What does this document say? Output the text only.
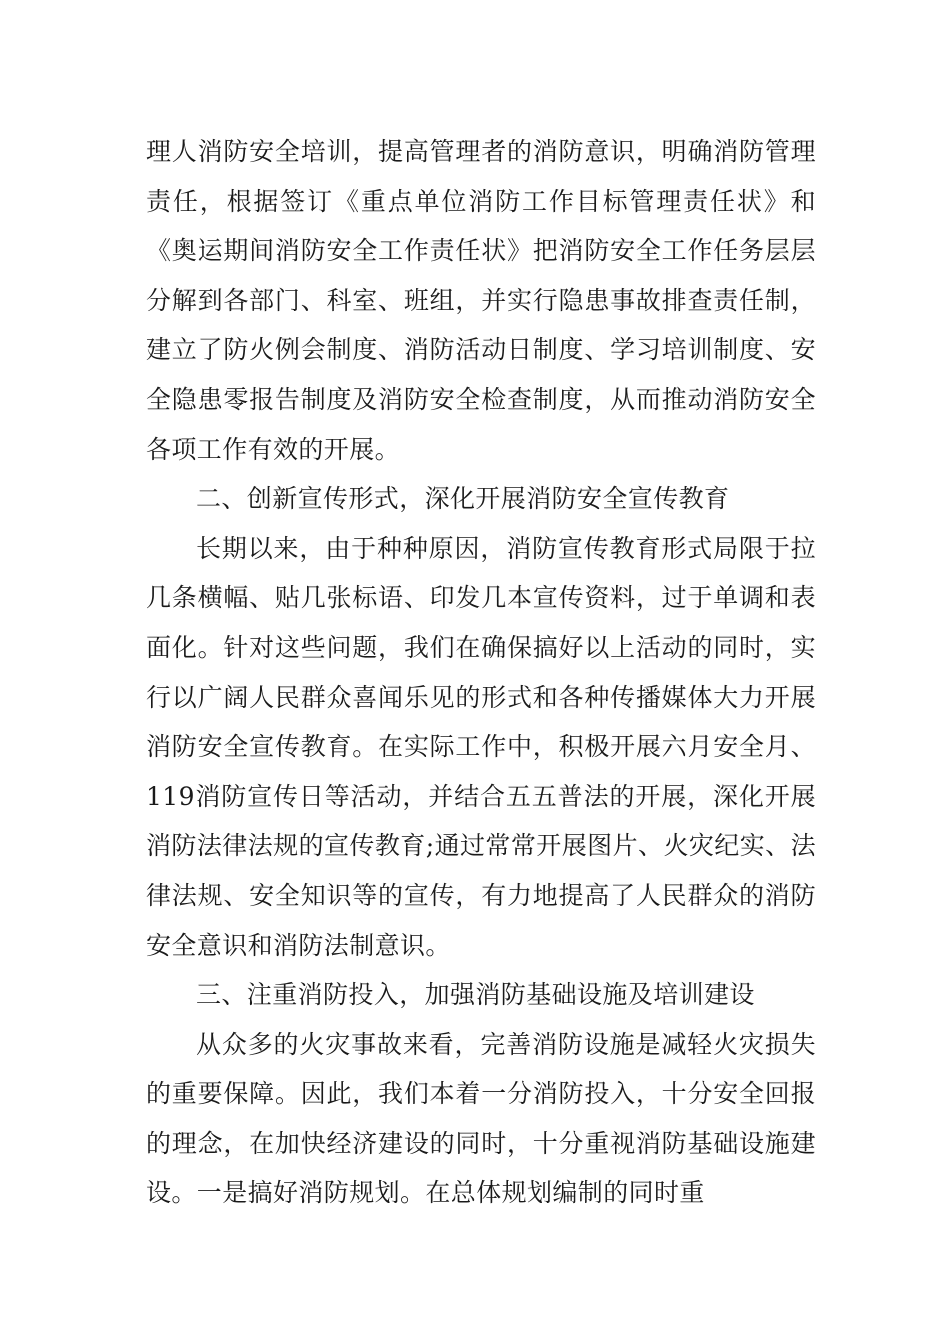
理人消防安全培训，提高管理者的消防意识，明确消防管理责任，根据签订《重点单位消防工作目标管理责任状》和《奥运期间消防安全工作责任状》把消防安全工作任务层层分解到各部门、科室、班组，并实行隐患事故排查责任制，建立了防火例会制度、消防活动日制度、学习培训制度、安全隐患零报告制度及消防安全检查制度，从而推动消防安全各项工作有效的开展。

二、创新宣传形式，深化开展消防安全宣传教育

长期以来，由于种种原因，消防宣传教育形式局限于拉几条横幅、贴几张标语、印发几本宣传资料，过于单调和表面化。针对这些问题，我们在确保搞好以上活动的同时，实行以广阔人民群众喜闻乐见的形式和各种传播媒体大力开展消防安全宣传教育。在实际工作中，积极开展六月安全月、119消防宣传日等活动，并结合五五普法的开展，深化开展消防法律法规的宣传教育;通过常常开展图片、火灾纪实、法律法规、安全知识等的宣传，有力地提高了人民群众的消防安全意识和消防法制意识。

三、注重消防投入，加强消防基础设施及培训建设

从众多的火灾事故来看，完善消防设施是减轻火灾损失的重要保障。因此，我们本着一分消防投入，十分安全回报的理念，在加快经济建设的同时，十分重视消防基础设施建设。一是搞好消防规划。在总体规划编制的同时重
